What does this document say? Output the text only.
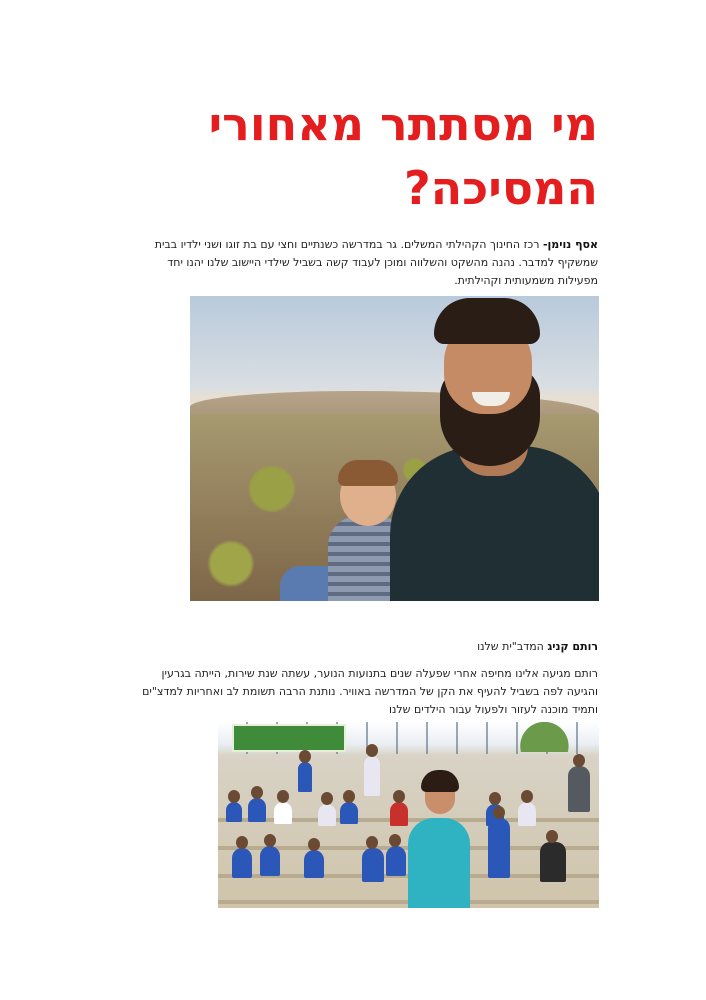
מי מסתתר מאחורי
המסיכה?
אסף נוימן- רכז החינוך הקהילתי המשלים. גר במדרשה כשנתיים וחצי עם בת זוגו ושני ילדיו בבית
שמשקיף למדבר. נהנה מהשקט והשלווה ומוכן לעבוד קשה בשביל שילדי היישוב שלנו יהנו יחד
מפעילות משמעותית וקהילתית.
רותם קניג המדב"ית שלנו
רותם מגיעה אלינו מחיפה אחרי שפעלה שנים בתנועות הנוער, עשתה שנת שירות, הייתה בגרעין
והגיעה לפה בשביל להעיף את הקן של המדרשה באוויר. נותנת הרבה תשומת לב ואחריות למדצ"ים
ותמיד מוכנה לעזור ולפעול עבור הילדים שלנו
